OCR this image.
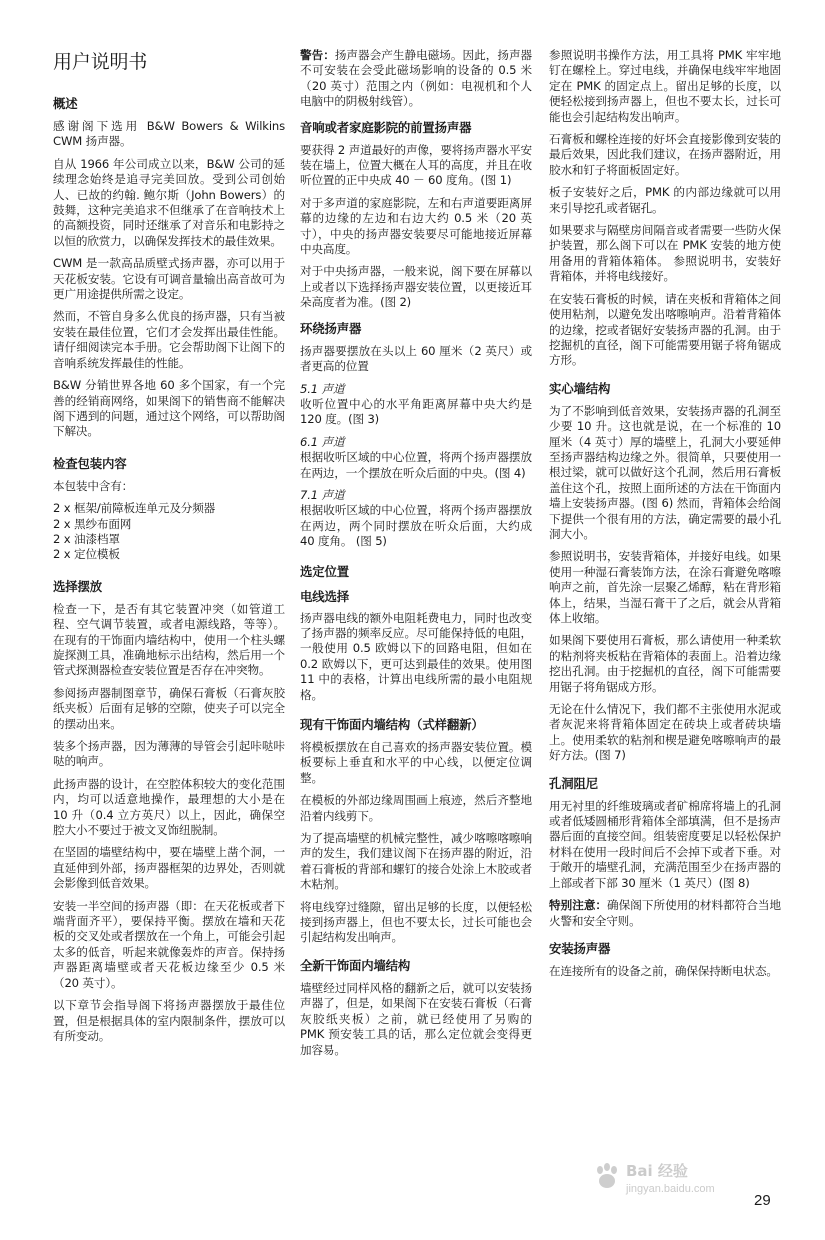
用户说明书
概述

感谢阁下选用 B&W Bowers & Wilkins CWM 扬声器。

自从 1966 年公司成立以来，B&W 公司的延续理念始终是追寻完美回放。受到公司创始人、已故的约翰. 鲍尔斯（John Bowers）的鼓舞，这种完美追求不但继承了在音响技术上的高额投资，同时还继承了对音乐和电影持之以恒的欣赏力，以确保发挥技术的最佳效果。

CWM 是一款高品质壁式扬声器，亦可以用于天花板安装。它设有可调音量输出高音故可为更广用途提供所需之设定。

然而，不管自身多么优良的扬声器，只有当被安装在最佳位置，它们才会发挥出最佳性能。请仔细阅读完本手册。它会帮助阁下让阁下的音响系统发挥最佳的性能。

B&W 分销世界各地 60 多个国家，有一个完善的经销商网络，如果阁下的销售商不能解决阁下遇到的问题，通过这个网络，可以帮助阁下解决。

检查包装内容

本包装中含有：

2 x 框架/前障板连单元及分频器
2 x 黑纱布面网
2 x 油漆档罩
2 x 定位模板
选择摆放

检查一下，是否有其它装置冲突（如管道工程、空气调节装置，或者电源线路，等等）。在现有的干饰面内墙结构中，使用一个柱头螺旋探测工具，准确地标示出结构，然后用一个管式探测器检查安装位置是否存在冲突物。

参阅扬声器制图章节，确保石膏板（石膏灰胶纸夹板）后面有足够的空隙，使夹子可以完全的摆动出来。

装多个扬声器，因为薄薄的导管会引起咔哒咔哒的响声。

此扬声器的设计，在空腔体积较大的变化范围内，均可以适意地操作，最理想的大小是在 10 升（0.4 立方英尺）以上，因此，确保空腔大小不要过于被文叉饰纽脱制。

在坚固的墙壁结构中，要在墙壁上凿个洞，一直延伸到外部，扬声器框架的边界处，否则就会影像到低音效果。

安装一半空间的扬声器（即：在天花板或者下端背面齐平），要保持平衡。摆放在墙和天花板的交叉处或者摆放在一个角上，可能会引起太多的低音，听起来就像轰炸的声音。保持扬声器距离墙壁或者天花板边缘至少 0.5 米（20 英寸）。

以下章节会指导阁下将扬声器摆放于最佳位置，但是根据具体的室内限制条件，摆放可以有所变动。

警告：扬声器会产生静电磁场。因此，扬声器不可安装在会受此磁场影响的设备的 0.5 米（20 英寸）范围之内（例如：电视机和个人电脑中的阴极射线管）。

音响或者家庭影院的前置扬声器

要获得 2 声道最好的声像，要将扬声器水平安装在墙上，位置大概在人耳的高度，并且在收听位置的正中央成 40 － 60 度角。(图 1)

对于多声道的家庭影院，左和右声道要距离屏幕的边缘的左边和右边大约 0.5 米（20 英寸），中央的扬声器安装要尽可能地接近屏幕中央高度。

对于中央扬声器，一般来说，阁下要在屏幕以上或者以下选择扬声器安装位置，以更接近耳朵高度者为准。(图 2)

环绕扬声器

扬声器要摆放在头以上 60 厘米（2 英尺）或者更高的位置

5.1 声道

收听位置中心的水平角距离屏幕中央大约是 120 度。(图 3)

6.1 声道

根据收听区域的中心位置，将两个扬声器摆放在两边，一个摆放在听众后面的中央。(图 4)

7.1 声道

根据收听区域的中心位置，将两个扬声器摆放在两边，两个同时摆放在听众后面，大约成 40 度角。 (图 5)

选定位置
电线选择

扬声器电线的额外电阻耗费电力，同时也改变了扬声器的频率反应。尽可能保持低的电阻，一般使用 0.5 欧姆以下的回路电阻，但如在 0.2 欧姆以下，更可达到最佳的效果。使用图 11 中的表格，计算出电线所需的最小电阻规格。

现有干饰面内墙结构（式样翻新）

将模板摆放在自己喜欢的扬声器安装位置。模板要标上垂直和水平的中心线，以便定位调整。

在模板的外部边缘周围画上痕迹，然后齐整地沿着内线剪下。

为了提高墙壁的机械完整性，减少喀嚓喀嚓响声的发生，我们建议阁下在扬声器的附近，沿着石膏板的背部和螺钉的接合处涂上木胶或者木粘剂。

将电线穿过缝隙，留出足够的长度，以便轻松接到扬声器上，但也不要太长，过长可能也会引起结构发出响声。

全新干饰面内墙结构

墙壁经过同样风格的翻新之后，就可以安装扬声器了，但是，如果阁下在安装石膏板（石膏灰胶纸夹板）之前，就已经使用了另购的 PMK 预安装工具的话，那么定位就会变得更加容易。

参照说明书操作方法，用工具将 PMK 牢牢地钉在螺栓上。穿过电线，并确保电线牢牢地固定在 PMK 的固定点上。留出足够的长度，以便轻松接到扬声器上，但也不要太长，过长可能也会引起结构发出响声。

石膏板和螺栓连接的好坏会直接影像到安装的最后效果，因此我们建议，在扬声器附近，用胶水和钉子将面板固定好。

板子安装好之后，PMK 的内部边缘就可以用来引导挖孔或者锯孔。

如果要求与隔壁房间隔音或者需要一些防火保护装置，那么阁下可以在 PMK 安装的地方使用备用的背箱体箱体。 参照说明书，安装好背箱体，并将电线接好。

在安装石膏板的时候，请在夹板和背箱体之间使用粘剂，以避免发出喀嚓响声。沿着背箱体的边缘，挖或者锯好安装扬声器的孔洞。由于挖掘机的直径，阁下可能需要用锯子将角锯成方形。

实心墙结构

为了不影响到低音效果，安装扬声器的孔洞至少要 10 升。这也就是说，在一个标准的 10 厘米（4 英寸）厚的墙壁上，孔洞大小要延伸至扬声器结构边缘之外。很简单，只要使用一根过梁，就可以做好这个孔洞，然后用石膏板盖住这个孔，按照上面所述的方法在干饰面内墙上安装扬声器。(图 6) 然而，背箱体会给阁下提供一个很有用的方法，确定需要的最小孔洞大小。

参照说明书，安装背箱体，并接好电线。如果使用一种湿石膏装饰方法，在涂石膏避免喀嚓响声之前，首先涂一层聚乙烯醇，粘在背形箱体上，结果，当湿石膏干了之后，就会从背箱体上收缩。

如果阁下要使用石膏板，那么请使用一种柔软的粘剂将夹板粘在背箱体的表面上。沿着边缘挖出孔洞。由于挖掘机的直径，阁下可能需要用锯子将角锯成方形。

无论在什么情况下，我们都不主张使用水泥或者灰泥来将背箱体固定在砖块上或者砖块墙上。使用柔软的粘剂和楔是避免喀嚓响声的最好方法。(图 7)

孔洞阻尼

用无衬里的纤维玻璃或者矿棉席将墙上的孔洞或者低矮圆桶形背箱体全部填满，但不是扬声器后面的直接空间。组装密度要足以轻松保护材料在使用一段时间后不会掉下或者下垂。对于敞开的墙壁孔洞，充满范围至少在扬声器的上部或者下部 30 厘米（1 英尺）(图 8)

特别注意：确保阁下所使用的材料都符合当地火警和安全守则。

安装扬声器

在连接所有的设备之前，确保保持断电状态。

Bai 经验
jingyan.baidu.com
29
